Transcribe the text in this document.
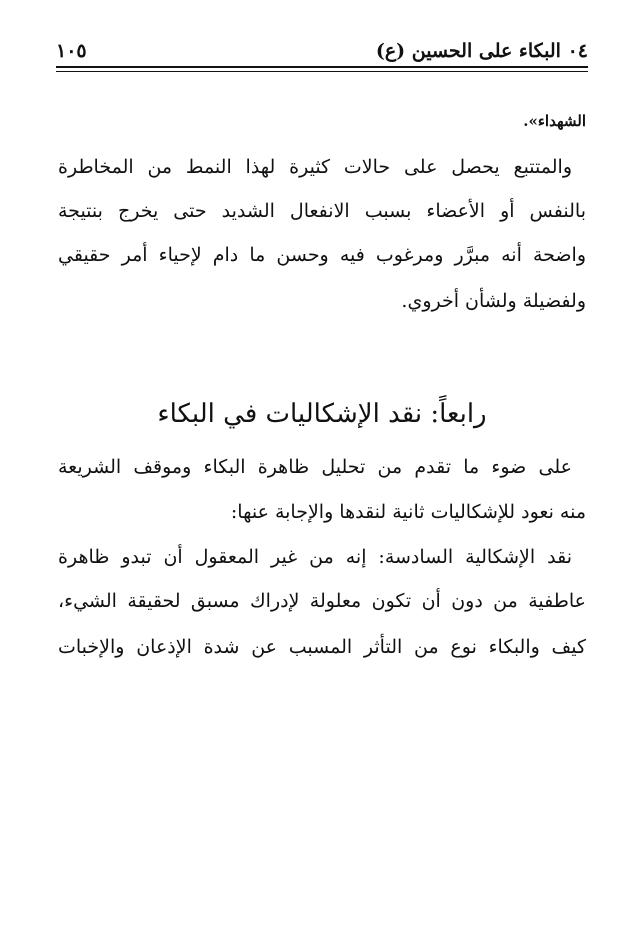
٠٤ البكاء على الحسين (ع)
١٠٥
الشهداء».
والمتتبع يحصل على حالات كثيرة لهذا النمط من المخاطرة
بالنفس أو الأعضاء بسبب الانفعال الشديد حتى يخرج بنتيجة
واضحة أنه مبرَّر ومرغوب فيه وحسن ما دام لإحياء أمر حقيقي
ولفضيلة ولشأن أخروي.
رابعاً: نقد الإشكاليات في البكاء
على ضوء ما تقدم من تحليل ظاهرة البكاء وموقف الشريعة
منه نعود للإشكاليات ثانية لنقدها والإجابة عنها:
نقد الإشكالية السادسة: إنه من غير المعقول أن تبدو ظاهرة
عاطفية من دون أن تكون معلولة لإدراك مسبق لحقيقة الشيء،
كيف والبكاء نوع من التأثر المسبب عن شدة الإذعان والإخبات
